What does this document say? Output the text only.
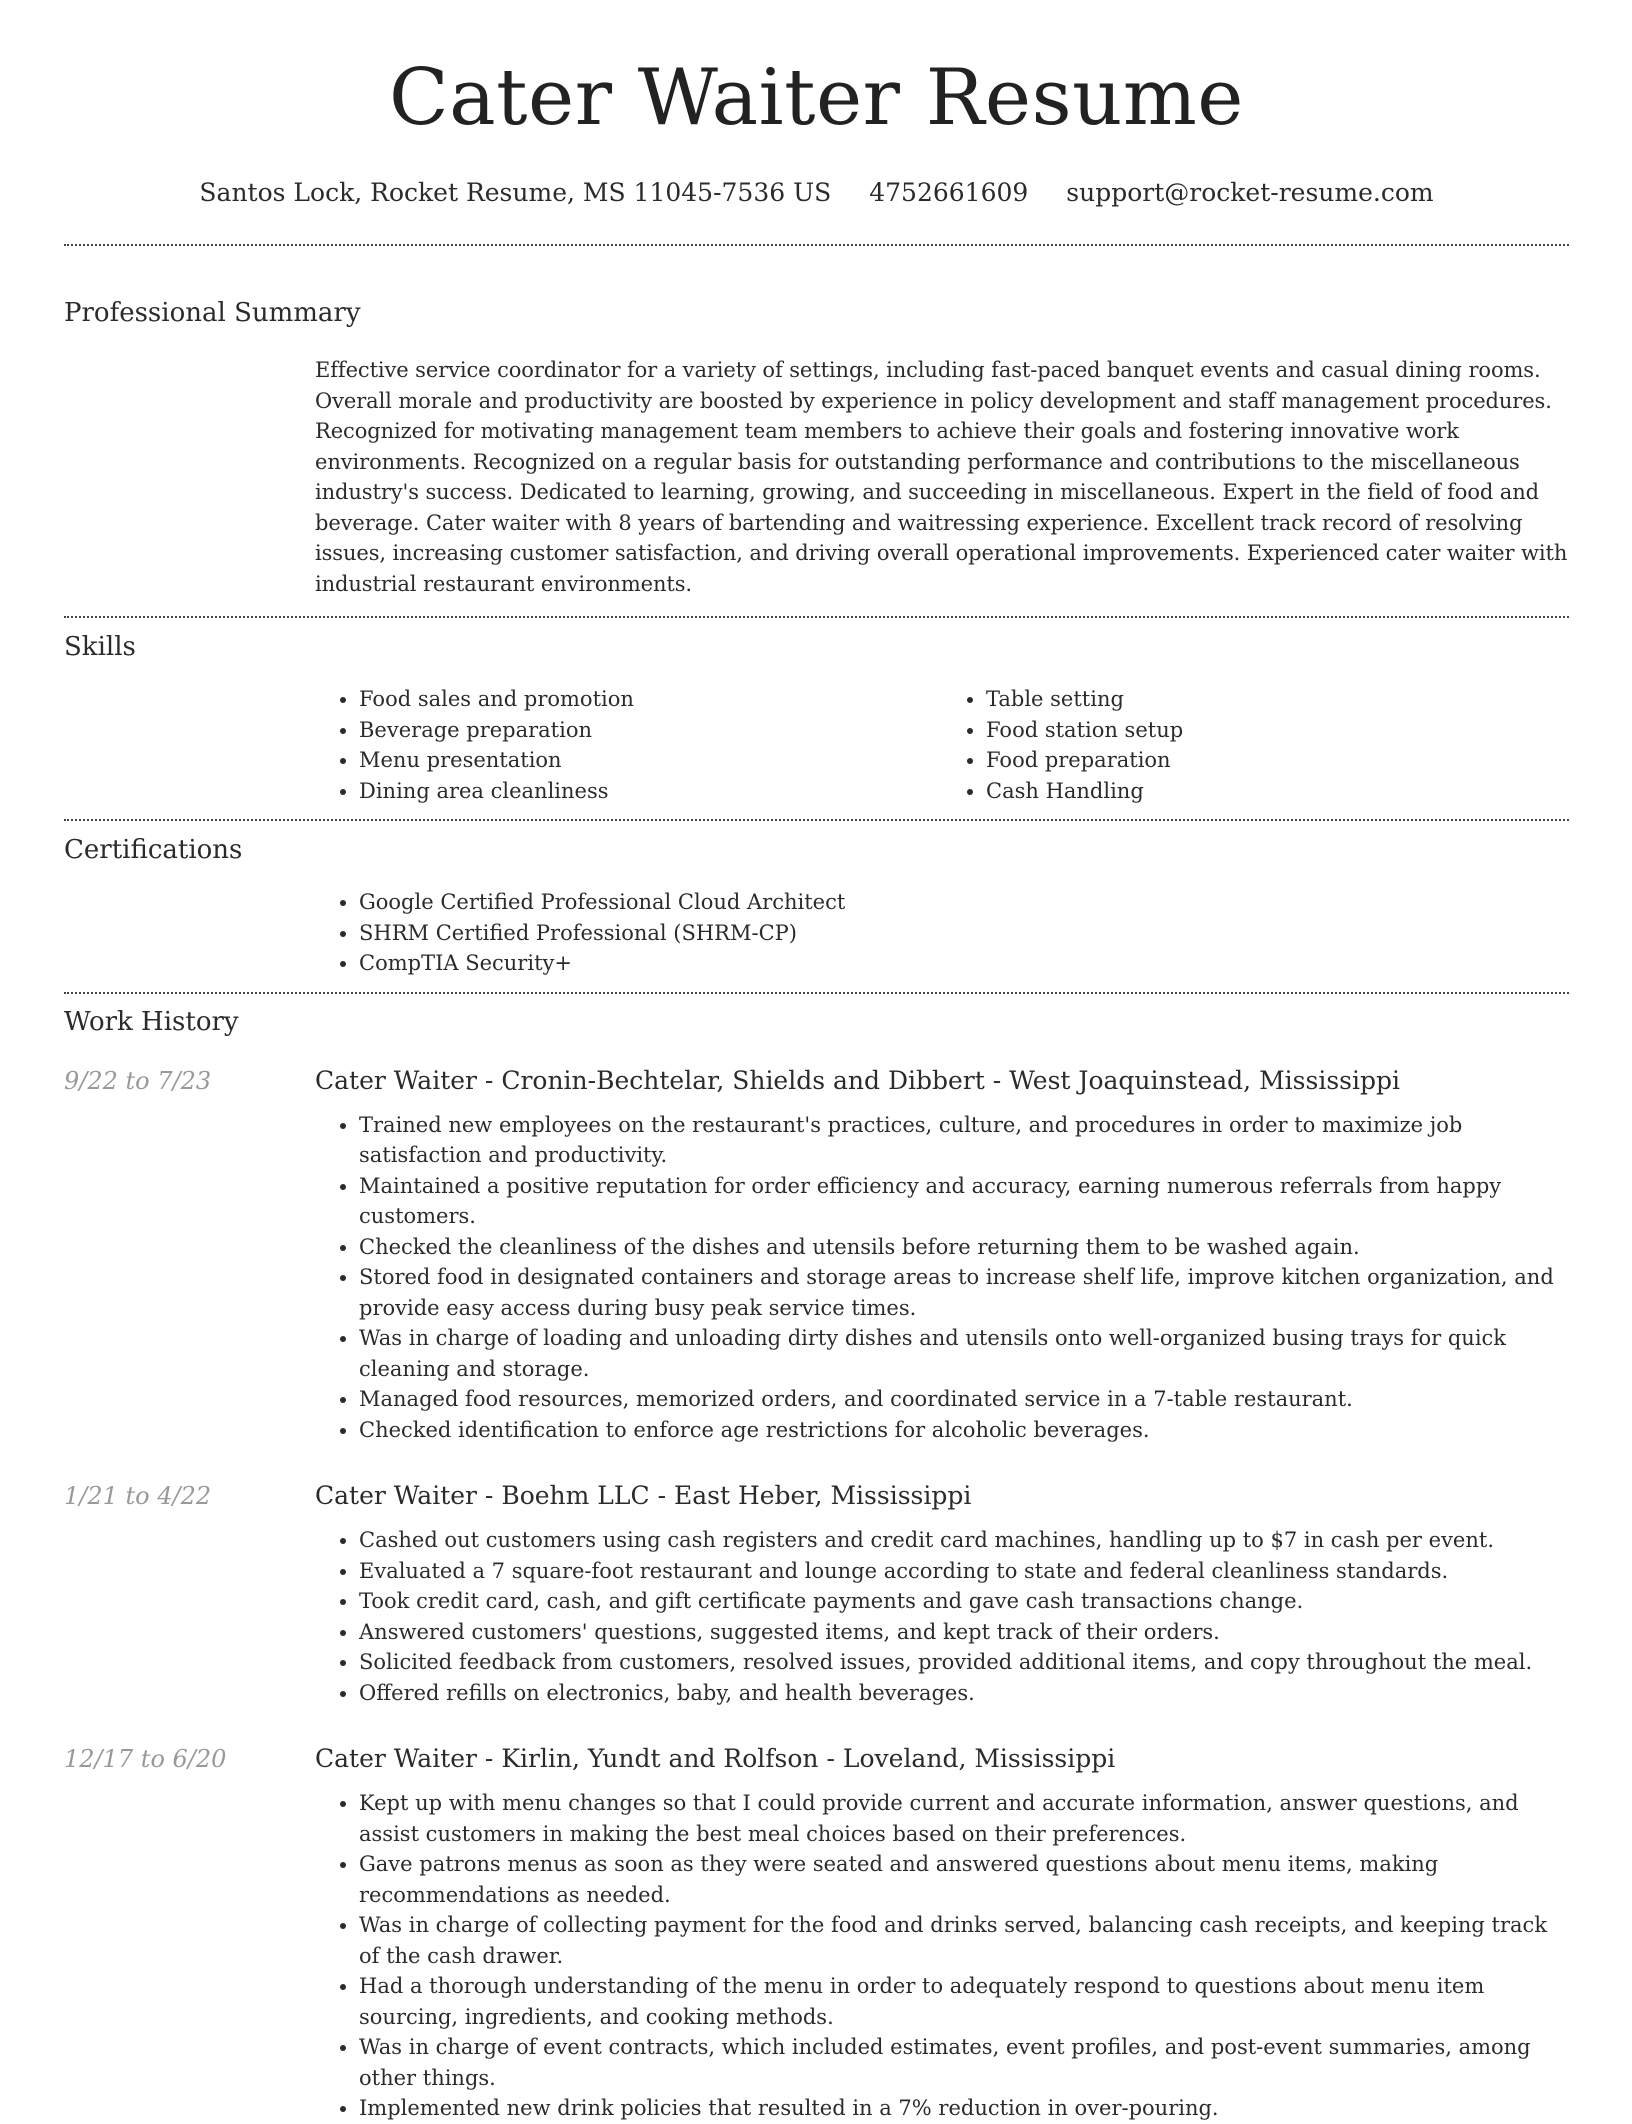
Cater Waiter Resume
Santos Lock, Rocket Resume, MS 11045-7536 US 4752661609 support@rocket-resume.com
Professional Summary

Effective service coordinator for a variety of settings, including fast-paced banquet events and casual dining rooms. Overall morale and productivity are boosted by experience in policy development and staff management procedures. Recognized for motivating management team members to achieve their goals and fostering innovative work environments. Recognized on a regular basis for outstanding performance and contributions to the miscellaneous industry's success. Dedicated to learning, growing, and succeeding in miscellaneous. Expert in the field of food and beverage. Cater waiter with 8 years of bartending and waitressing experience. Excellent track record of resolving issues, increasing customer satisfaction, and driving overall operational improvements. Experienced cater waiter with industrial restaurant environments.

Skills
• Food sales and promotion
• Beverage preparation
• Menu presentation
• Dining area cleanliness
• Table setting
• Food station setup
• Food preparation
• Cash Handling
Certifications
• Google Certified Professional Cloud Architect
• SHRM Certified Professional (SHRM-CP)
• CompTIA Security+
Work History
9/22 to 7/23	Cater Waiter - Cronin-Bechtelar, Shields and Dibbert - West Joaquinstead, Mississippi
• Trained new employees on the restaurant's practices, culture, and procedures in order to maximize job satisfaction and productivity.
• Maintained a positive reputation for order efficiency and accuracy, earning numerous referrals from happy customers.
• Checked the cleanliness of the dishes and utensils before returning them to be washed again.
• Stored food in designated containers and storage areas to increase shelf life, improve kitchen organization, and provide easy access during busy peak service times.
• Was in charge of loading and unloading dirty dishes and utensils onto well-organized busing trays for quick cleaning and storage.
• Managed food resources, memorized orders, and coordinated service in a 7-table restaurant.
• Checked identification to enforce age restrictions for alcoholic beverages.
1/21 to 4/22	Cater Waiter - Boehm LLC - East Heber, Mississippi
• Cashed out customers using cash registers and credit card machines, handling up to $7 in cash per event.
• Evaluated a 7 square-foot restaurant and lounge according to state and federal cleanliness standards.
• Took credit card, cash, and gift certificate payments and gave cash transactions change.
• Answered customers' questions, suggested items, and kept track of their orders.
• Solicited feedback from customers, resolved issues, provided additional items, and copy throughout the meal.
• Offered refills on electronics, baby, and health beverages.
12/17 to 6/20	Cater Waiter - Kirlin, Yundt and Rolfson - Loveland, Mississippi
• Kept up with menu changes so that I could provide current and accurate information, answer questions, and assist customers in making the best meal choices based on their preferences.
• Gave patrons menus as soon as they were seated and answered questions about menu items, making recommendations as needed.
• Was in charge of collecting payment for the food and drinks served, balancing cash receipts, and keeping track of the cash drawer.
• Had a thorough understanding of the menu in order to adequately respond to questions about menu item sourcing, ingredients, and cooking methods.
• Was in charge of event contracts, which included estimates, event profiles, and post-event summaries, among other things.
• Implemented new drink policies that resulted in a 7% reduction in over-pouring.
